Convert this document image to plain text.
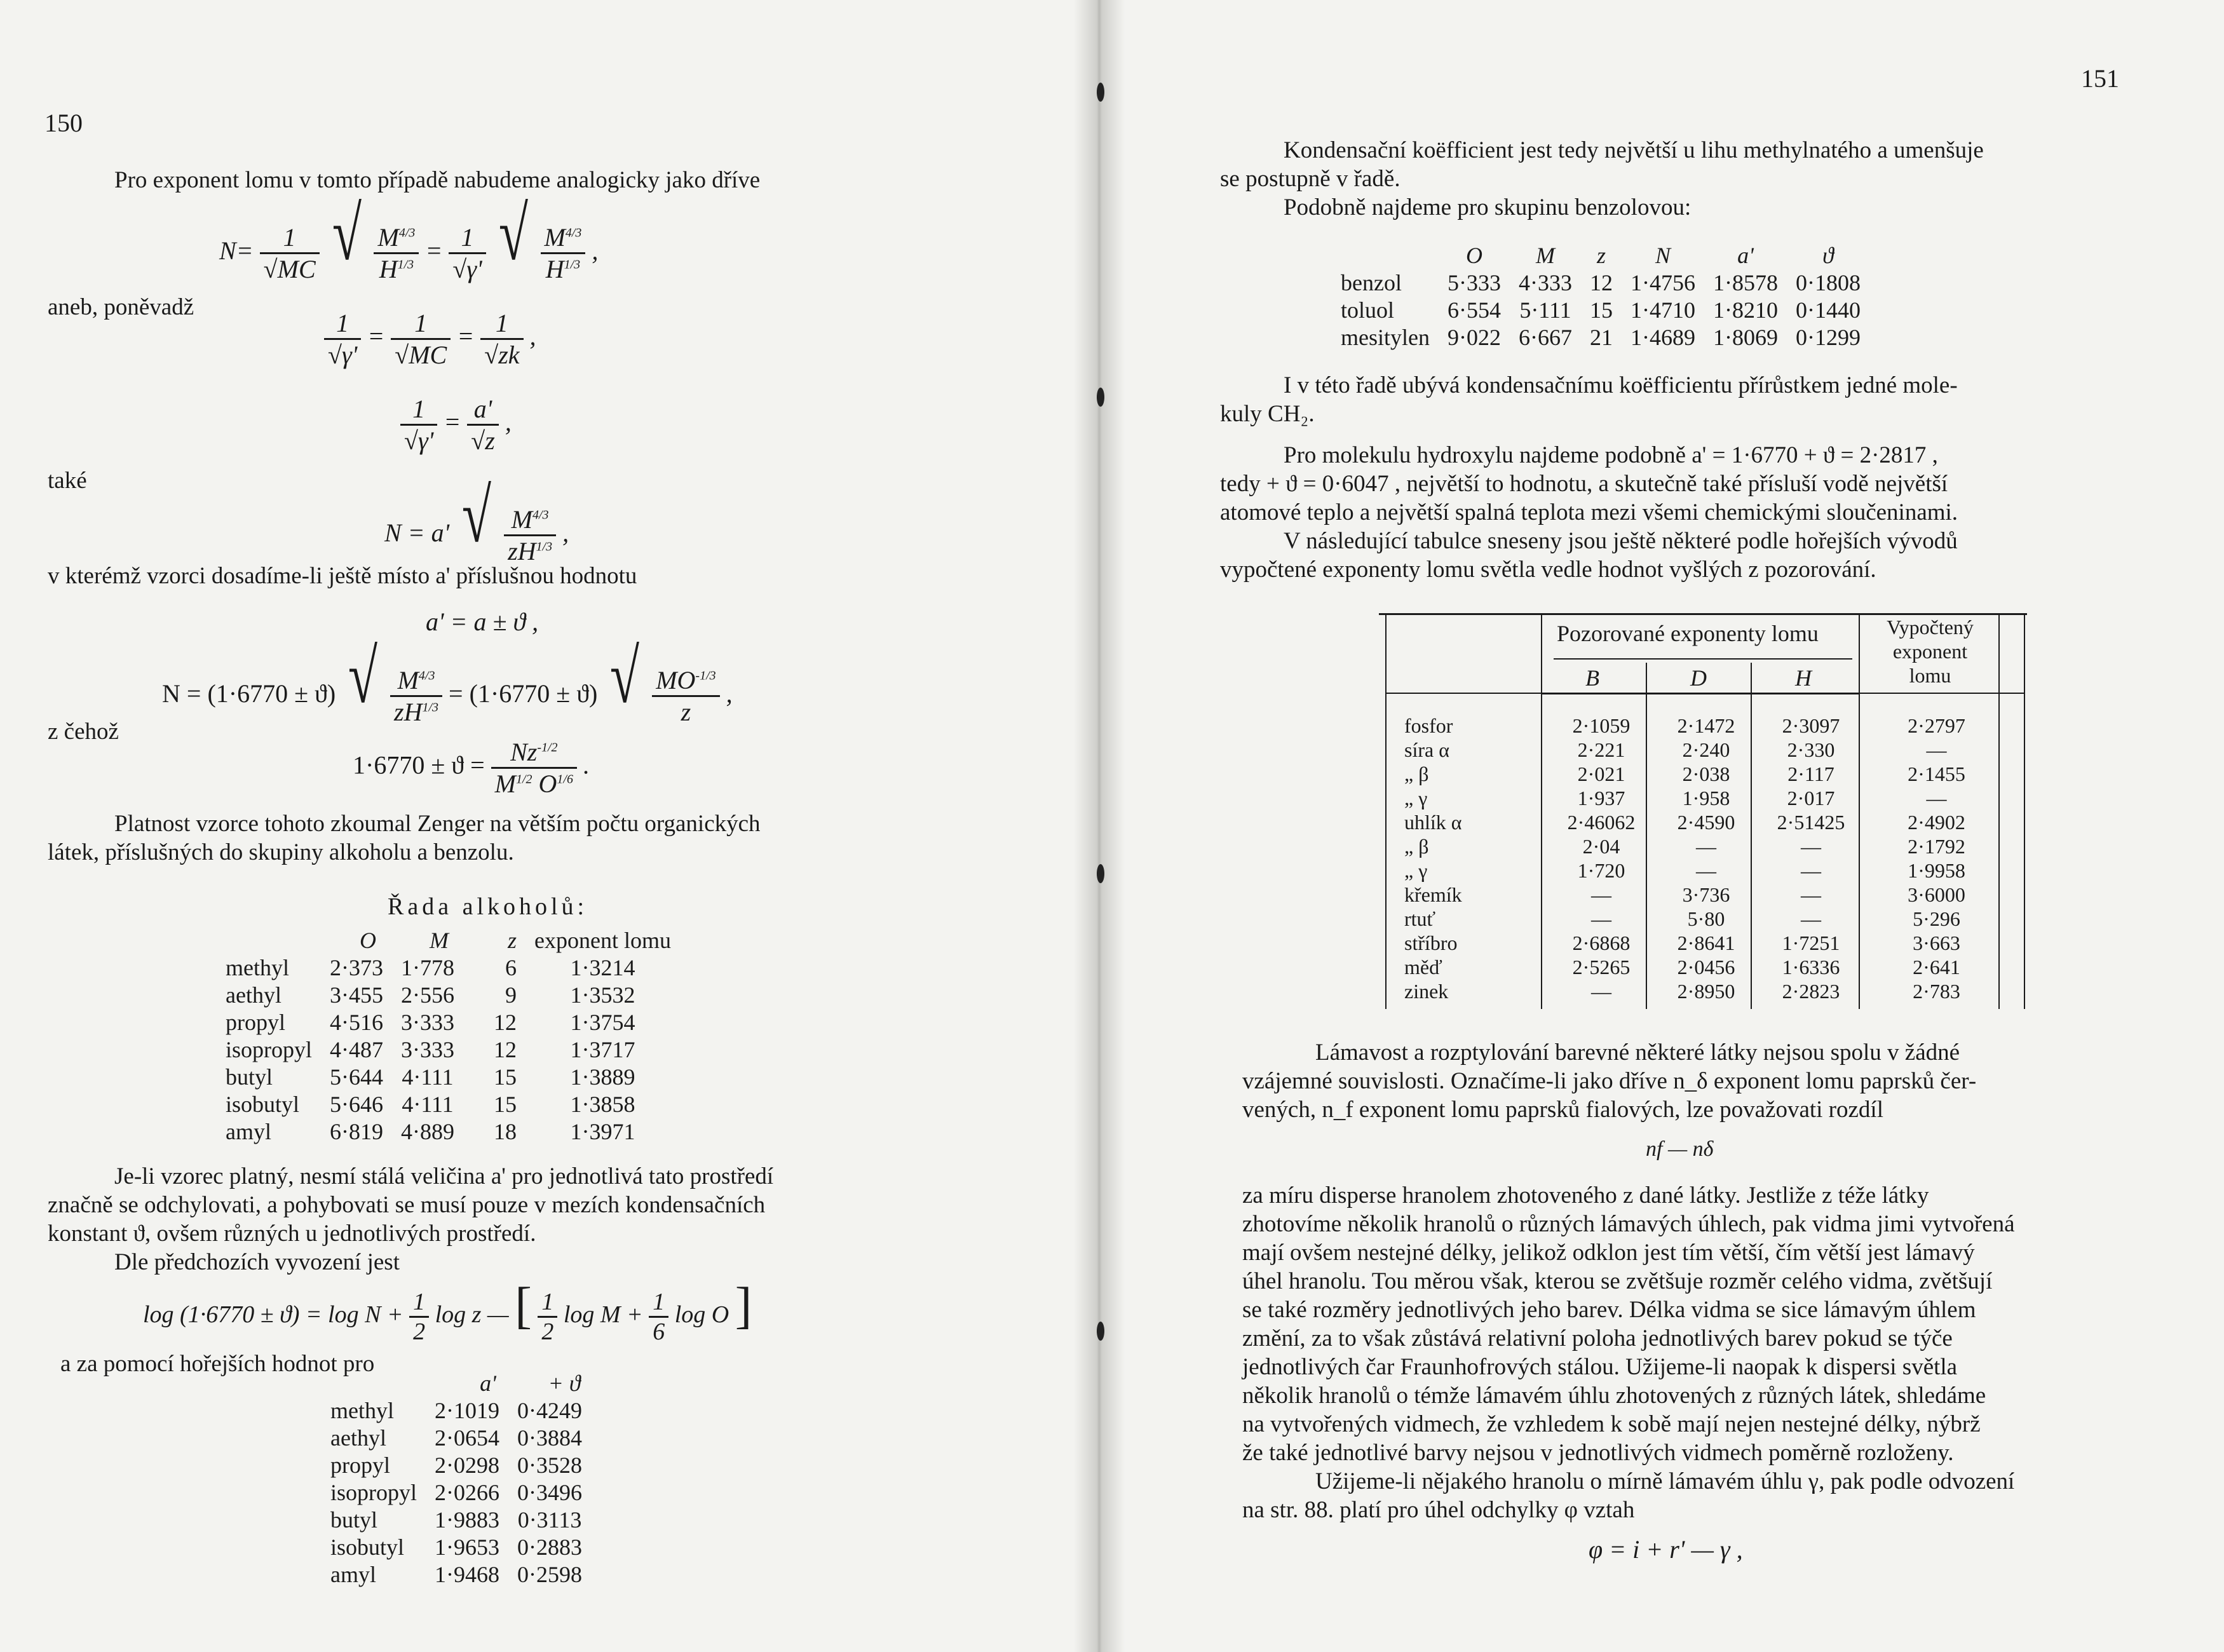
150
Pro exponent lomu v tomto případě nabudeme analogicky jako dříve
$N= \frac{1}{√MC}$ √ $\frac{M^{4/3}}{H^{1/3}} = \frac{1}{√\gamma'}$ √ $\frac{M^{4/3}}{H^{1/3}}$ ,
aneb, poněvadž
$\frac{1}{√\gamma'} = \frac{1}{√MC} = \frac{1}{√zk}$ ,
$\frac{1}{√\gamma'} = \frac{a'}{√z}$ ,
také
N = a' √ $\frac{M^{4/3}}{zH^{1/3}}$ ,
v kterémž vzorci dosadíme-li ještě místo a' příslušnou hodnotu
a' = a ± ϑ ,
N = (1·6770 ± ϑ) √ $\frac{M^{4/3}}{zH^{1/3}} = (1\cdot 6770 \pm ϑ)$ √ $\frac{MO^{-1/3}}{z}$ ,
z čehož
$1\cdot 6770 \pm ϑ = \frac{Nz^{-1/2}}{M^{1/2} O^{1/6}}$ .
Platnost vzorce tohoto zkoumal Zenger na větším počtu organických
látek, příslušných do skupiny alkoholu a benzolu.
Řada alkoholů:
	O	M	z	exponent lomu
methyl	2·373	1·778	6	1·3214
aethyl	3·455	2·556	9	1·3532
propyl	4·516	3·333	12	1·3754
isopropyl	4·487	3·333	12	1·3717
butyl	5·644	4·111	15	1·3889
isobutyl	5·646	4·111	15	1·3858
amyl	6·819	4·889	18	1·3971
Je-li vzorec platný, nesmí stálá veličina a' pro jednotlivá tato prostředí
značně se odchylovati, a pohybovati se musí pouze v mezích kondensačních
konstant ϑ, ovšem různých u jednotlivých prostředí.
Dle předchozích vyvození jest
$\log (1\cdot 6770 \pm ϑ) = \log N + \frac{1}{2}$ log z — [ $\frac{1}{2}$ $\log M + \frac{1}{6}$ log O ]
a za pomocí hořejších hodnot pro
	a'	+ ϑ
methyl	2·1019	0·4249
aethyl	2·0654	0·3884
propyl	2·0298	0·3528
isopropyl	2·0266	0·3496
butyl	1·9883	0·3113
isobutyl	1·9653	0·2883
amyl	1·9468	0·2598
151
Kondensační koëfficient jest tedy největší u lihu methylnatého a umenšuje
se postupně v řadě.
Podobně najdeme pro skupinu benzolovou:
	O	M	z	N	a'	ϑ
benzol	5·333	4·333	12	1·4756	1·8578	0·1808
toluol	6·554	5·111	15	1·4710	1·8210	0·1440
mesitylen	9·022	6·667	21	1·4689	1·8069	0·1299
I v této řadě ubývá kondensačnímu koëfficientu přírůstkem jedné mole-
kuly CH₂.
Pro molekulu hydroxylu najdeme podobně a' = 1·6770 + ϑ = 2·2817 ,
tedy + ϑ = 0·6047 , největší to hodnotu, a skutečně také přísluší vodě největší
atomové teplo a největší spalná teplota mezi všemi chemickými sloučeninami.
V následující tabulce sneseny jsou ještě některé podle hořejších vývodů
vypočtené exponenty lomu světla vedle hodnot vyšlých z pozorování.
Pozorované exponenty lomu	Vypočtený
exponent
lomu
B	D	H
fosfor	2·1059	2·1472	2·3097	2·2797
síra α	2·221	2·240	2·330	—
„ β	2·021	2·038	2·117	2·1455
„ γ	1·937	1·958	2·017	—
uhlík α	2·46062	2·4590	2·51425	2·4902
„ β	2·04	—	—	2·1792
„ γ	1·720	—	—	1·9958
křemík	—	3·736	—	3·6000
rtuť	—	5·80	—	5·296
stříbro	2·6868	2·8641	1·7251	3·663
měď	2·5265	2·0456	1·6336	2·641
zinek	—	2·8950	2·2823	2·783
Lámavost a rozptylování barevné některé látky nejsou spolu v žádné
vzájemné souvislosti. Označíme-li jako dříve n_δ exponent lomu paprsků čer-
vených, n_f exponent lomu paprsků fialových, lze považovati rozdíl
nf — nδ
za míru disperse hranolem zhotoveného z dané látky. Jestliže z téže látky
zhotovíme několik hranolů o různých lámavých úhlech, pak vidma jimi vytvořená
mají ovšem nestejné délky, jelikož odklon jest tím větší, čím větší jest lámavý
úhel hranolu. Tou měrou však, kterou se zvětšuje rozměr celého vidma, zvětšují
se také rozměry jednotlivých jeho barev. Délka vidma se sice lámavým úhlem
změní, za to však zůstává relativní poloha jednotlivých barev pokud se týče
jednotlivých čar Fraunhofrových stálou. Užijeme-li naopak k dispersi světla
několik hranolů o témže lámavém úhlu zhotovených z různých látek, shledáme
na vytvořených vidmech, že vzhledem k sobě mají nejen nestejné délky, nýbrž
že také jednotlivé barvy nejsou v jednotlivých vidmech poměrně rozloženy.
Užijeme-li nějakého hranolu o mírně lámavém úhlu γ, pak podle odvození
na str. 88. platí pro úhel odchylky φ vztah
φ = i + r' — γ ,
